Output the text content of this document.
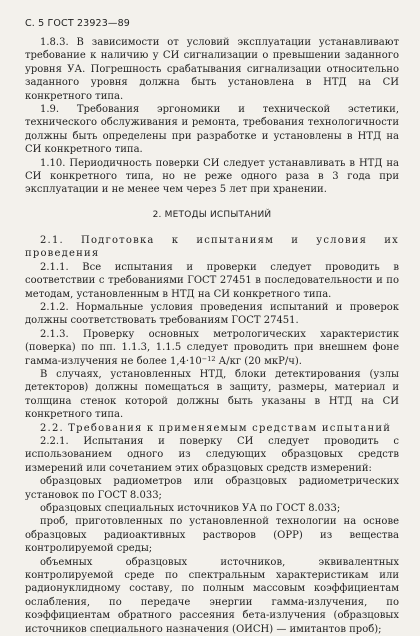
С. 5 ГОСТ 23923—89

1.8.3. В зависимости от условий эксплуатации устанавливают требование к наличию у СИ сигнализации о превышении заданного уровня УА. Погрешность срабатывания сигнализации относительно заданного уровня должна быть установлена в НТД на СИ конкретного типа.

1.9. Требования эргономики и технической эстетики, технического обслуживания и ремонта, требования технологичности должны быть определены при разработке и установлены в НТД на СИ конкретного типа.

1.10. Периодичность поверки СИ следует устанавливать в НТД на СИ конкретного типа, но не реже одного раза в 3 года при эксплуатации и не менее чем через 5 лет при хранении.

2. МЕТОДЫ ИСПЫТАНИЙ

2.1. Подготовка к испытаниям и условия их проведения

2.1.1. Все испытания и проверки следует проводить в соответствии с требованиями ГОСТ 27451 в последовательности и по методам, установленным в НТД на СИ конкретного типа.

2.1.2. Нормальные условия проведения испытаний и проверок должны соответствовать требованиям ГОСТ 27451.

2.1.3. Проверку основных метрологических характеристик (поверка) по пп. 1.1.3, 1.1.5 следует проводить при внешнем фоне гамма-излучения не более $1,4\cdot 10^{-12}$ А/кг (20 мкР/ч).

В случаях, установленных НТД, блоки детектирования (узлы детекторов) должны помещаться в защиту, размеры, материал и толщина стенок которой должны быть указаны в НТД на СИ конкретного типа.

2.2. Требования к применяемым средствам испытаний

2.2.1. Испытания и поверку СИ следует проводить с использованием одного из следующих образцовых средств измерений или сочетанием этих образцовых средств измерений:

образцовых радиометров или образцовых радиометрических установок по ГОСТ 8.033;

образцовых специальных источников УА по ГОСТ 8.033;

проб, приготовленных по установленной технологии на основе образцовых радиоактивных растворов (ОРР) из вещества контролируемой среды;

объемных образцовых источников, эквивалентных контролируемой среде по спектральным характеристикам или радионуклидному составу, по полным массовым коэффициентам ослабления, по передаче энергии гамма-излучения, по коэффициентам обратного рассеяния бета-излучения (образцовых источников специального назначения (ОИСН) — имитантов проб);
